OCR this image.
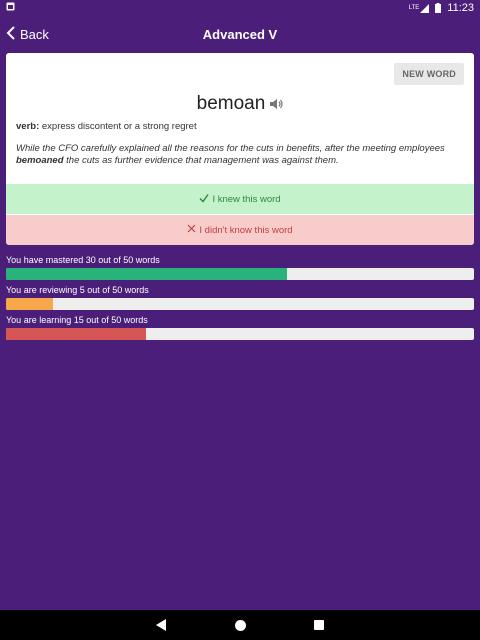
LTE	11:23
Back	Advanced V
NEW WORD
bemoan
verb: express discontent or a strong regret
While the CFO carefully explained all the reasons for the cuts in benefits, after the meeting employees bemoaned the cuts as further evidence that management was against them.
I knew this word
I didn't know this word
You have mastered 30 out of 50 words
You are reviewing 5 out of 50 words
You are learning 15 out of 50 words
